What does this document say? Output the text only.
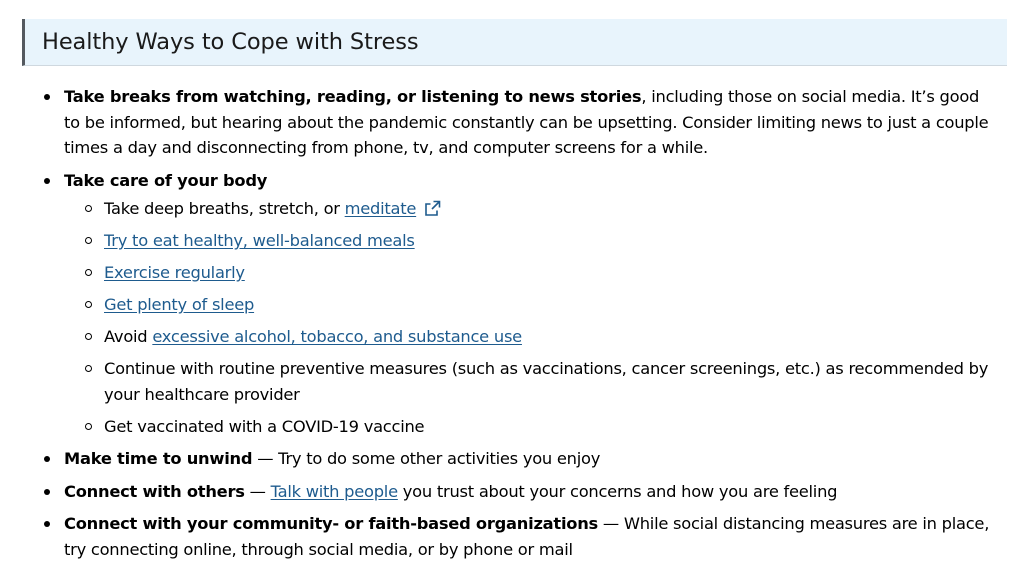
Healthy Ways to Cope with Stress
Take breaks from watching, reading, or listening to news stories, including those on social media. It’s good to be informed, but hearing about the pandemic constantly can be upsetting. Consider limiting news to just a couple times a day and disconnecting from phone, tv, and computer screens for a while.
Take care of your body
Take deep breaths, stretch, or meditate
Try to eat healthy, well-balanced meals
Exercise regularly
Get plenty of sleep
Avoid excessive alcohol, tobacco, and substance use
Continue with routine preventive measures (such as vaccinations, cancer screenings, etc.) as recommended by your healthcare provider
Get vaccinated with a COVID-19 vaccine
Make time to unwind — Try to do some other activities you enjoy
Connect with others — Talk with people you trust about your concerns and how you are feeling
Connect with your community- or faith-based organizations — While social distancing measures are in place, try connecting online, through social media, or by phone or mail
